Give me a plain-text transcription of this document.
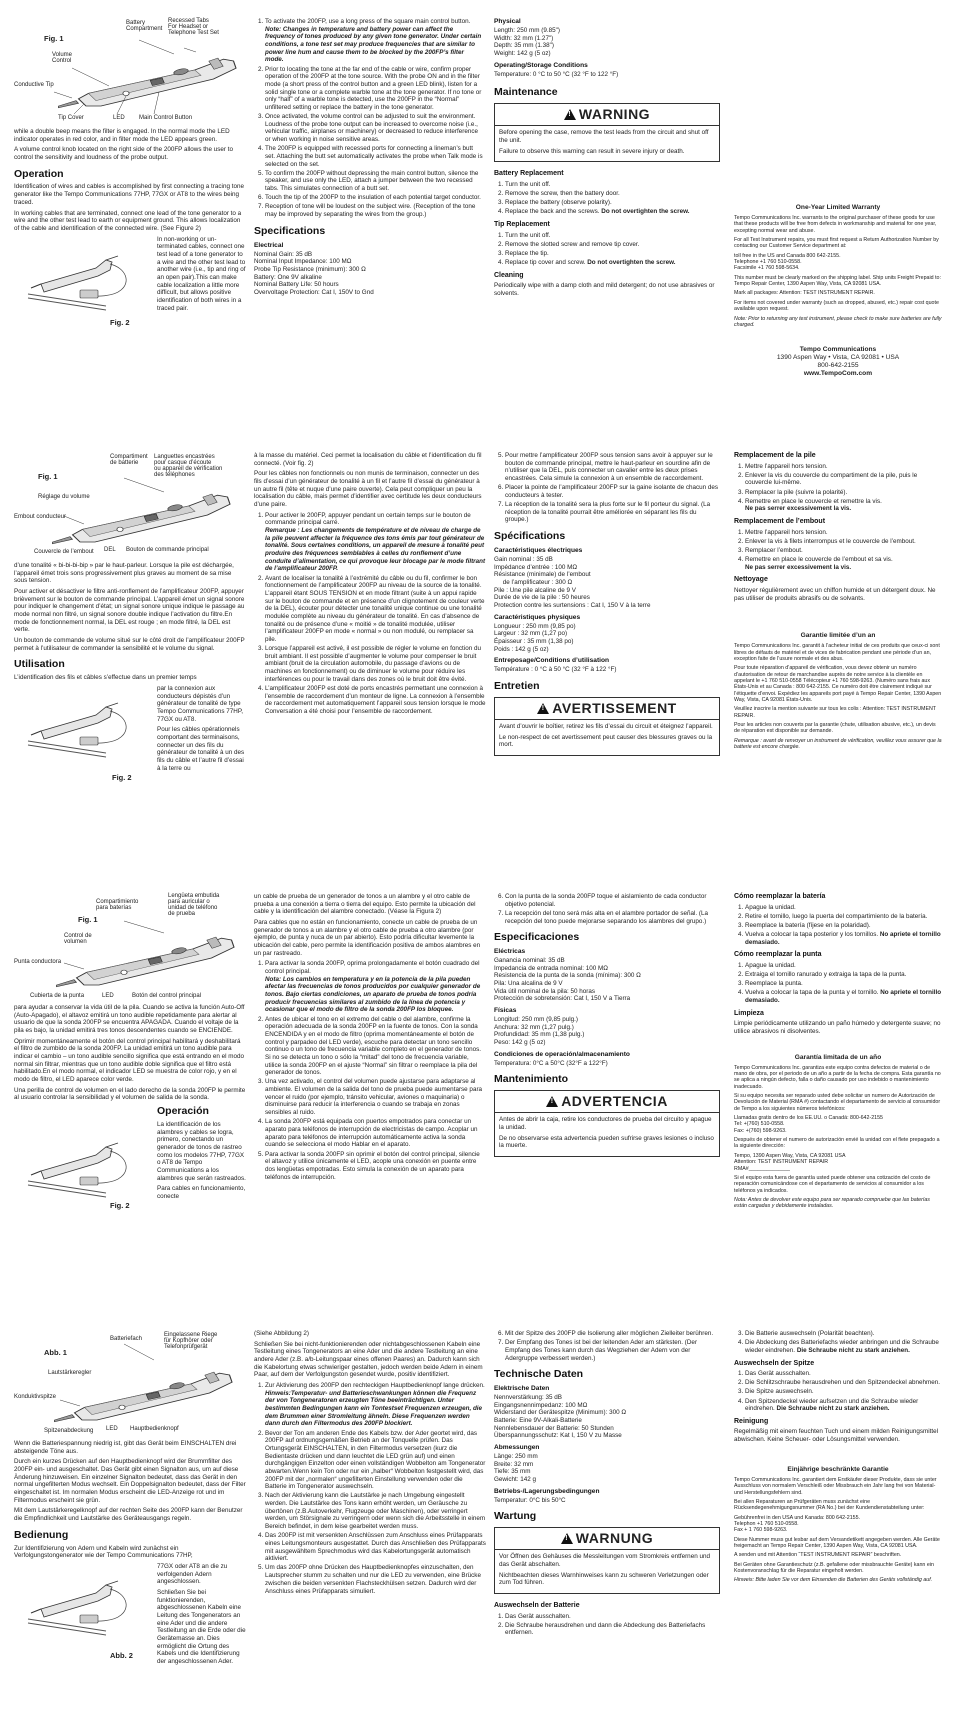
Fig. 1
Battery
Compartment
Recessed Tabs
For Headset or
Telephone Test Set
Volume Control
Conductive Tip
Tip Cover	LED Main Control Button

while a double beep means the filter is engaged. In the normal mode the LED indicator operates in red color, and in filter mode the LED appears green.

A volume control knob located on the right side of the 200FP allows the user to control the sensitivity and loudness of the probe output.

Operation

Identification of wires and cables is accomplished by first connecting a tracing tone generator like the Tempo Communications 77HP, 77GX or AT8 to the wires being traced.

In working cables that are terminated, connect one lead of the tone generator to a wire and the other test lead to earth or equipment ground. This allows localization of the cable and identification of the connected wire. (See Figure 2)

Fig. 2

In non-working or un-terminated cables, connect one test lead of a tone generator to a wire and the other test lead to another wire (i.e., tip and ring of an open pair).This can make cable localization a little more difficult, but allows positive identification of both wires in a traced pair.

1. To activate the 200FP, use a long press of the square main control button.
Note: Changes in temperature and battery power can affect the frequency of tones produced by any given tone generator. Under certain conditions, a tone test set may produce frequencies that are similar to power line hum and cause them to be blocked by the 200FP’s filter mode.
2. Prior to locating the tone at the far end of the cable or wire, confirm proper operation of the 200FP at the tone source. With the probe ON and in the filter mode (a short press of the control button and a green LED blink), listen for a solid single tone or a complete warble tone at the tone generator. If no tone or only “half” of a warble tone is detected, use the 200FP in the “Normal” unfiltered setting or replace the battery in the tone generator.
3. Once activated, the volume control can be adjusted to suit the environment. Loudness of the probe tone output can be increased to overcome noise (i.e., vehicular traffic, airplanes or machinery) or decreased to reduce interference or when working in noise sensitive areas.
4. The 200FP is equipped with recessed ports for connecting a lineman’s butt set. Attaching the butt set automatically activates the probe when Talk mode is selected on the set.
5. To confirm the 200FP without depressing the main control button, silence the speaker, and use only the LED, attach a jumper between the two recessed tabs. This simulates connection of a butt set.
6. Touch the tip of the 200FP to the insulation of each potential target conductor.
7. Reception of tone will be loudest on the subject wire. (Reception of the tone may be improved by separating the wires from the group.)
Specifications
Electrical
Nominal Gain: 35 dB
Nominal Input Impedance: 100 MΩ
Probe Tip Resistance (minimum): 300 Ω
Battery: One 9V alkaline
Nominal Battery Life: 50 hours
Overvoltage Protection: Cat I, 150V to Gnd
Physical
Length: 250 mm (9.85")
Width: 32 mm (1.27")
Depth: 35 mm (1.38")
Weight: 142 g (5 oz)
Operating/Storage Conditions
Temperature: 0 °C to 50 °C (32 °F to 122 °F)
Maintenance
!
WARNING

Before opening the case, remove the test leads from the circuit and shut off the unit.

Failure to observe this warning can result in severe injury or death.

Battery Replacement
1. Turn the unit off.
2. Remove the screw, then the battery door.
3. Replace the battery (observe polarity).
4. Replace the back and the screws. Do not overtighten the screw.
Tip Replacement
1. Turn the unit off.
2. Remove the slotted screw and remove tip cover.
3. Replace the tip.
4. Replace tip cover and screw. Do not overtighten the screw.
Cleaning

Periodically wipe with a damp cloth and mild detergent; do not use abrasives or solvents.

One-Year Limited Warranty

Tempo Communications Inc. warrants to the original purchaser of these goods for use that these products will be free from defects in workmanship and material for one year, excepting normal wear and abuse.

For all Test Instrument repairs, you must first request a Return Authorization Number by contacting our Customer Service department at:

toll free in the US and Canada 800 642-2155.
Telephone +1 760 510-0558.
Facsimile +1 760 598-5634.

This number must be clearly marked on the shipping label. Ship units Freight Prepaid to: Tempo Repair Center, 1390 Aspen Way, Vista, CA 92081 USA.

Mark all packages: Attention: TEST INSTRUMENT REPAIR.

For items not covered under warranty (such as dropped, abused, etc.) repair cost quote available upon request.

Note: Prior to returning any test instrument, please check to make sure batteries are fully charged.

Tempo Communications
1390 Aspen Way • Vista, CA 92081 • USA
800-642-2155
www.TempoCom.com
Fig. 1
Compartiment
de batterie
Languettes encastrées
pour casque d’écoute
ou appareil de vérification
des téléphones
Réglage du volume
Embout conducteur
Couvercle de l’embout DEL Bouton de commande principal

d’une tonalité « bi-bi-bi-bip » par le haut-parleur. Lorsque la pile est déchargée, l’appareil émet trois sons progressivement plus graves au moment de sa mise sous tension.

Pour activer et désactiver le filtre anti-ronflement de l’amplificateur 200FP, appuyer brièvement sur le bouton de commande principal. L’appareil émet un signal sonore pour indiquer le changement d’état; un signal sonore unique indique le passage au mode normal non filtré, un signal sonore double indique l’activation du filtre.En mode de fonctionnement normal, la DEL est rouge ; en mode filtré, la DEL est verte.

Un bouton de commande de volume situé sur le côté droit de l’amplificateur 200FP permet à l’utilisateur de commander la sensibilité et le volume du signal.

Utilisation

L’identification des fils et câbles s’effectue dans un premier temps

Fig. 2

par la connexion aux conducteurs dépistés d’un générateur de tonalité de type Tempo Communications 77HP, 77GX ou AT8.

Pour les câbles opérationnels comportant des terminaisons, connecter un des fils du générateur de tonalité à un des fils du câble et l’autre fil d’essai à la terre ou

à la masse du matériel. Ceci permet la localisation du câble et l’identification du fil connecté. (Voir fig. 2)

Pour les câbles non fonctionnels ou non munis de terminaison, connecter un des fils d’essai d’un générateur de tonalité à un fil et l’autre fil d’essai du générateur à un autre fil (tête et nuque d’une paire ouverte). Cela peut compliquer un peu la localisation du câble, mais permet d’identifier avec certitude les deux conducteurs d’une paire.

1. Pour activer le 200FP, appuyer pendant un certain temps sur le bouton de commande principal carré.
Remarque : Les changements de température et de niveau de charge de la pile peuvent affecter la fréquence des tons émis par tout générateur de tonalité. Sous certaines conditions, un appareil de mesure à tonalité peut produire des fréquences semblables à celles du ronflement d’une conduite d’alimentation, ce qui provoque leur blocage par le mode filtrant de l’amplificateur 200FP.
2. Avant de localiser la tonalité à l’extrémité du câble ou du fil, confirmer le bon fonctionnement de l’amplificateur 200FP au niveau de la source de la tonalité. L’appareil étant SOUS TENSION et en mode filtrant (suite à un appui rapide sur le bouton de commande et en présence d’un clignotement de couleur verte de la DEL), écouter pour détecter une tonalité unique continue ou une tonalité modulée complète au niveau du générateur de tonalité. En cas d’absence de tonalité ou de présence d’une « moitié » de tonalité modulée, utiliser l’amplificateur 200FP en mode « normal » ou non modulé, ou remplacer sa pile.
3. Lorsque l’appareil est activé, il est possible de régler le volume en fonction du bruit ambiant. Il est possible d’augmenter le volume pour compenser le bruit ambiant (bruit de la circulation automobile, du passage d’avions ou de machines en fonctionnement) ou de diminuer le volume pour réduire les interférences ou pour le travail dans des zones où le bruit doit être évité.
4. L’amplificateur 200FP est doté de ports encastrés permettant une connexion à l’ensemble de raccordement d’un monteur de ligne. La connexion à l’ensemble de raccordement met automatiquement l’appareil sous tension lorsque le mode Conversation a été choisi pour l’ensemble de raccordement.
5. Pour mettre l’amplificateur 200FP sous tension sans avoir à appuyer sur le bouton de commande principal, mettre le haut-parleur en sourdine afin de n’utiliser que la DEL, puis connecter un cavalier entre les deux prises encastrées. Cela simule la connexion à un ensemble de raccordement.
6. Placer la pointe de l’amplificateur 200FP sur la gaine isolante de chacun des conducteurs à tester.
7. La réception de la tonalité sera la plus forte sur le fil porteur du signal. (La réception de la tonalité pourrait être améliorée en séparant les fils du groupe.)
Spécifications
Caractéristiques électriques
Gain nominal : 35 dB
Impédance d’entrée : 100 MΩ
Résistance (minimale) de l’embout
de l’amplificateur : 300 Ω
Pile : Une pile alcaline de 9 V
Durée de vie de la pile : 50 heures
Protection contre les surtensions : Cat I, 150 V à la terre
Caractéristiques physiques
Longueur : 250 mm (9,85 po)
Largeur : 32 mm (1,27 po)
Épaisseur : 35 mm (1,38 po)
Poids : 142 g (5 oz)
Entreposage/Conditions d’utilisation
Température : 0 °C à 50 °C (32 °F à 122 °F)
Entretien
!
AVERTISSEMENT

Avant d’ouvrir le boîtier, retirez les fils d’essai du circuit et éteignez l’appareil.

Le non-respect de cet avertissement peut causer des blessures graves ou la mort.

Remplacement de la pile
1. Mettre l’appareil hors tension.
2. Enlever la vis du couvercle du compartiment de la pile, puis le couvercle lui-même.
3. Remplacer la pile (suivre la polarité).
4. Remettre en place le couvercle et remettre la vis.
Ne pas serrer excessivement la vis.
Remplacement de l’embout
1. Mettre l’appareil hors tension.
2. Enlever la vis à filets interrompus et le couvercle de l’embout.
3. Remplacer l’embout.
4. Remettre en place le couvercle de l’embout et sa vis.
Ne pas serrer excessivement la vis.
Nettoyage

Nettoyer régulièrement avec un chiffon humide et un détergent doux. Ne pas utiliser de produits abrasifs ou de solvants.

Garantie limitée d’un an

Tempo Communications Inc. garantit à l’acheteur initial de ces produits que ceux-ci sont libres de défauts de matériel et de vices de fabrication pendant une période d’un an, exception faite de l’usure normale et des abus.

Pour toute réparation d’appareil de vérification, vous devez obtenir un numéro d’autorisation de retour de marchandise auprès de notre service à la clientèle en appelant le +1 760 510-0558 Télécopieur +1 760 598-9263. (Numéro sans frais aux États-Unis et au Canada : 800 642-2155. Ce numéro doit être clairement indiqué sur l’étiquette d’envoi. Expédiez les appareils port payé à Tempo Repair Center, 1390 Aspen Way, Vista, CA 92081 États-Unis.

Veuillez inscrire la mention suivante sur tous les colis : Attention: TEST INSTRUMENT REPAIR.

Pour les articles non couverts par la garantie (chute, utilisation abusive, etc.), un devis de réparation est disponible sur demande.

Remarque : avant de renvoyer un instrument de vérification, veuillez vous assurer que la batterie est encore chargée.

Fig. 1
Compartimiento
para baterías
Lengüeta embutida
para auricular o
unidad de teléfono
de prueba
Control de
volumen
Punta conductora
Cubierta de la punta	LED	Botón del control principal

para ayudar a conservar la vida útil de la pila. Cuando se activa la función Auto-Off (Auto-Apagado), el altavoz emitirá un tono audible repetidamente para alertar al usuario de que la sonda 200FP se encuentra APAGADA. Cuando el voltaje de la pila es bajo, la unidad emitirá tres tonos descendentes cuando se ENCIENDE.

Oprimir momentáneamente el botón del control principal habilitará y deshabilitará el filtro de zumbido de la sonda 200FP. La unidad emitirá un tono audible para indicar el cambio – un tono audible sencillo significa que está entrando en el modo normal sin filtrar, mientras que un tono audible doble significa que el filtro está habilitado.En el modo normal, el indicador LED se muestra de color rojo, y en el modo de filtro, el LED aparece color verde.

Una perilla de control de volumen en el lado derecho de la sonda 200FP le permite al usuario controlar la sensibilidad y el volumen de salida de la sonda.

Fig. 2
Operación

La identificación de los alambres y cables se logra, primero, conectando un generador de tonos de rastreo como los modelos 77HP, 77GX o AT8 de Tempo Communications a los alambres que serán rastreados.

Para cables en funcionamiento, conecte

un cable de prueba de un generador de tonos a un alambre y el otro cable de prueba a una conexión a tierra o tierra del equipo. Esto permite la ubicación del cable y la identificación del alambre conectado. (Véase la Figura 2)

Para cables que no están en funcionamiento, conecte un cable de prueba de un generador de tonos a un alambre y el otro cable de prueba a otro alambre (por ejemplo, de punta y nuca de un par abierto). Esto podría dificultar levemente la ubicación del cable, pero permite la identificación positiva de ambos alambres en un par rastreado.

1. Para activar la sonda 200FP, oprima prolongadamente el botón cuadrado del control principal.
Nota: Los cambios en temperatura y en la potencia de la pila pueden afectar las frecuencias de tonos producidos por cualquier generador de tonos. Bajo ciertas condiciones, un aparato de prueba de tonos podría producir frecuencias similares al zumbido de la línea de potencia y ocasionar que el modo de filtro de la sonda 200FP los bloquee.
2. Antes de ubicar el tono en el extremo del cable o del alambre, confirme la operación adecuada de la sonda 200FP en la fuente de tonos. Con la sonda ENCENDIDA y en el modo de filtro (oprima momentáneamente el botón de control y parpadeo del LED verde), escuche para detectar un tono sencillo continuo o un tono de frecuencia variable completo en el generador de tonos. Si no se detecta un tono o sólo la “mitad” del tono de frecuencia variable, utilice la sonda 200FP en el ajuste “Normal” sin filtrar o reemplace la pila del generador de tonos.
3. Una vez activado, el control del volumen puede ajustarse para adaptarse al ambiente. El volumen de la salida del tono de prueba puede aumentarse para vencer el ruido (por ejemplo, tránsito vehicular, aviones o maquinaria) o disminuirse para reducir la interferencia o cuando se trabaja en zonas sensibles al ruido.
4. La sonda 200FP está equipada con puertos empotrados para conectar un aparato para teléfonos de interrupción de electricistas de campo. Acoplar un aparato para teléfonos de interrupción automáticamente activa la sonda cuando se selecciona el modo Hablar en el aparato.
5. Para activar la sonda 200FP sin oprimir el botón del control principal, silencie el altavoz y utilice únicamente el LED, acople una conexión en puente entre dos lengüetas empotradas. Esto simula la conexión de un aparato para teléfonos de interrupción.
6. Con la punta de la sonda 200FP toque el aislamiento de cada conductor objetivo potencial.
7. La recepción del tono será más alta en el alambre portador de señal. (La recepción del tono puede mejorarse separando los alambres del grupo.)
Especificaciones
Eléctricas
Ganancia nominal: 35 dB
Impedancia de entrada nominal: 100 MΩ
Resistencia de la punta de la sonda (mínima): 300 Ω
Pila: Una alcalina de 9 V
Vida útil nominal de la pila: 50 horas
Protección de sobretensión: Cat I, 150 V a Tierra
Físicas
Longitud: 250 mm (9,85 pulg.)
Anchura: 32 mm (1,27 pulg.)
Profundidad: 35 mm (1,38 pulg.)
Peso: 142 g (5 oz)
Condiciones de operación/almacenamiento
Temperatura: 0°C a 50°C (32°F a 122°F)
Mantenimiento
!
ADVERTENCIA

Antes de abrir la caja, retire los conductores de prueba del circuito y apague la unidad.

De no observarse esta advertencia pueden sufrirse graves lesiones o incluso la muerte.

Cómo reemplazar la batería
1. Apague la unidad.
2. Retire el tornillo, luego la puerta del compartimiento de la batería.
3. Reemplace la batería (fíjese en la polaridad).
4. Vuelva a colocar la tapa posterior y los tornillos. No apriete el tornillo demasiado.
Cómo reemplazar la punta
1. Apague la unidad.
2. Extraiga el tornillo ranurado y extraiga la tapa de la punta.
3. Reemplace la punta.
4. Vuelva a colocar la tapa de la punta y el tornillo. No apriete el tornillo demasiado.
Limpieza

Limpie periódicamente utilizando un paño húmedo y detergente suave; no utilice abrasivos ni disolventes.

Garantía limitada de un año

Tempo Communications Inc. garantiza este equipo contra defectos de material o de mano de obra, por el periodo de un año a partir de la fecha de compra. Esta garantía no se aplica a ningún defecto, falla o daño causado por uso indebido o mantenimiento inadecuado.

Si su equipo necesita ser reparado usted debe solicitar un numero de Autorización de Devolución de Material (RMA #) contactando el departamento de servicio al consumidor de Tempo a los siguientes números telefónicos:

Llamadas gratis dentro de los EE.UU. o Canadá: 800-642-2155
Tel: +(760) 510-0558.
Fax: +(760) 598-9263.

Después de obtener el numero de autorización envié la unidad con el flete prepagado a la siguiente dirección:

Tempo, 1390 Aspen Way, Vista, CA 92081 USA
Attention: TEST INSTRUMENT REPAIR
RMA#______________

Si el equipo esta fuera de garantía usted puede obtener una cotización del costo de reparación comunicándose con el departamento de servicios al consumidor a los teléfonos ya indicados.

Nota: Antes de devolver este equipo para ser reparado compruebe que las baterías están cargadas y debidamente instaladas.

Abb. 1
Batteriefach
Eingelassene Riege
für Kopfhörer oder
Telefonprüfgerät
Lautstärkeregler
Konduktivspitze
Spitzenabdeckung LED Hauptbedienknopf

Wenn die Batteriespannung niedrig ist, gibt das Gerät beim EINSCHALTEN drei absteigende Töne aus.

Durch ein kurzes Drücken auf den Hauptbedienknopf wird der Brummfilter des 200FP ein- und ausgeschaltet. Das Gerät gibt einen Signalton aus, um auf diese Änderung hinzuweisen. Ein einzelner Signalton bedeutet, dass das Gerät in den normal ungefilterten Modus wechselt. Ein Doppelsignalton bedeutet, dass der Filter eingeschaltet ist. Im normalen Modus erscheint die LED-Anzeige rot und im Filtermodus erscheint sie grün.

Mit dem Lautstärkeregelknopf auf der rechten Seite des 200FP kann der Benutzer die Empfindlichkeit und Lautstärke des Geräteausgangs regeln.

Bedienung

Zur Identifizierung von Adern und Kabeln wird zunächst ein Verfolgungstongenerator wie der Tempo Communications 77HP,

Abb. 2

77GX oder AT8 an die zu verfolgenden Adern angeschlossen.

Schließen Sie bei funktionierenden, abgeschlossenen Kabeln eine Leitung des Tongenerators an eine Ader und die andere Testleitung an die Erde oder die Gerätemasse an. Dies ermöglicht die Ortung des Kabels und die Identifizierung der angeschlossenen Ader.

(Siehe Abbildung 2)

Schließen Sie bei nicht-funktionierenden oder nichtabgeschlossenen Kabeln eine Testleitung eines Tongenerators an eine Ader und die andere Testleitung an eine andere Ader (z.B. a/b-Leitungspaar eines offenen Paares) an. Dadurch kann sich die Kabelortung etwas schwieriger gestalten, jedoch werden beide Adern in einem Paar, auf dem der Verfolgungston gesendet wurde, positiv identifiziert.

1. Zur Aktivierung des 200FP den rechteckigen Hauptbedienknopf lange drücken.
Hinweis:Temperatur- und Batterieschwankungen können die Frequenz der von Tongeneratoren erzeugten Töne beeinträchtigen. Unter bestimmten Bedingungen kann ein Tontestset Frequenzen erzeugen, die dem Brummen einer Stromleitung ähneln. Diese Frequenzen werden dann durch den Filtermodus des 200FP blockiert.
2. Bevor der Ton am anderen Ende des Kabels bzw. der Ader geortet wird, das 200FP auf ordnungsgemäßen Betrieb an der Tonquelle prüfen. Das Ortungsgerät EINSCHALTEN, in den Filtermodus versetzen (kurz die Bedientaste drücken und dann leuchtet die LED grün auf) und einen durchgängigen Einzelton oder einen vollständigen Wobbelton am Tongenerator abwarten.Wenn kein Ton oder nur ein „halber“ Wobbelton festgestellt wird, das 200FP mit der „normalen“ ungefilterten Einstellung verwenden oder die Batterie im Tongenerator auswechseln.
3. Nach der Aktivierung kann die Lautstärke je nach Umgebung eingestellt werden. Die Lautstärke des Tons kann erhöht werden, um Geräusche zu übertönen (z.B.Autoverkehr, Flugzeuge oder Maschinen), oder verringert werden, um Störsignale zu verringern oder wenn sich die Arbeitsstelle in einem Bereich befindet, in dem leise gearbeitet werden muss.
4. Das 200FP ist mit versenkten Anschlüssen zum Anschluss eines Prüfapparats eines Leitungsmonteurs ausgestattet. Durch das Anschließen des Prüfapparats mit ausgewähltem Sprechmodus wird das Kabelortungsgerät automatisch aktiviert.
5. Um das 200FP ohne Drücken des Hauptbedienknopfes einzuschalten, den Lautsprecher stumm zu schalten und nur die LED zu verwenden, eine Brücke zwischen die beiden versenkten Flachsteckhülsen setzen. Dadurch wird der Anschluss eines Prüfapparats simuliert.
6. Mit der Spitze des 200FP die Isolierung aller möglichen Zielleiter berühren.
7. Der Empfang des Tones ist bei der leitenden Ader am stärksten. (Der Empfang des Tones kann durch das Wegziehen der Adern von der Adergruppe verbessert werden.)
Technische Daten
Elektrische Daten
Nennverstärkung: 35 dB
Eingangsnennimpedanz: 100 MΩ
Widerstand der Gerätespitze (Minimum): 300 Ω
Batterie: Eine 9V-Alkali-Batterie
Nennlebensdauer der Batterie: 50 Stunden
Überspannungsschutz: Kat I, 150 V zu Masse
Abmessungen
Länge: 250 mm
Breite: 32 mm
Tiefe: 35 mm
Gewicht: 142 g
Betriebs-/Lagerungsbedingungen
Temperatur: 0°C bis 50°C
Wartung
!
WARNUNG

Vor Öffnen des Gehäuses die Messleitungen vom Stromkreis entfernen und das Gerät abschalten.

Nichtbeachten dieses Warnhinweises kann zu schweren Verletzungen oder zum Tod führen.

Auswechseln der Batterie
1. Das Gerät ausschalten.
2. Die Schraube herausdrehen und dann die Abdeckung des Batteriefachs entfernen.
3. Die Batterie auswechseln (Polarität beachten).
4. Die Abdeckung des Batteriefachs wieder anbringen und die Schraube wieder eindrehen. Die Schraube nicht zu stark anziehen.
Auswechseln der Spitze
1. Das Gerät ausschalten.
2. Die Schlitzschraube herausdrehen und den Spitzendeckel abnehmen.
3. Die Spitze auswechseln.
4. Den Spitzendeckel wieder aufsetzen und die Schraube wieder eindrehen. Die Schraube nicht zu stark anziehen.
Reinigung

Regelmäßig mit einem feuchten Tuch und einem milden Reinigungsmittel abwischen. Keine Scheuer- oder Lösungsmittel verwenden.

Einjährige beschränkte Garantie

Tempo Communications Inc. garantiert dem Erstkäufer dieser Produkte, dass sie unter Ausschluss von normalem Verschleiß oder Missbrauch ein Jahr lang frei von Material- und Herstellungsfehlern sind.

Bei allen Reparaturen an Prüfgeräten muss zunächst eine Rücksendegenehmigungsnummer (RA No.) bei der Kundendienstabteilung unter:

Gebührenfrei in den USA und Kanada: 800 642-2155.
Telephon +1 760 510-0558.
Fax + 1 760 598-9263.

Diese Nummer muss gut lesbar auf dem Versandetikett angegeben werden. Alle Geräte freigemacht an Tempo Repair Center, 1390 Aspen Way, Vista, CA 92081 USA.

A senden und mit Attention “TEST INSTRUMENT REPAIR” beschriften.

Bei Geräten ohne Garantieschutz (z.B. gefallene oder missbrauchte Geräte) kann ein Kostenvoranschlag für die Reparatur eingeholt werden.

Hinweis: Bitte laden Sie vor dem Einsenden die Batterien des Geräts vollständig auf.
